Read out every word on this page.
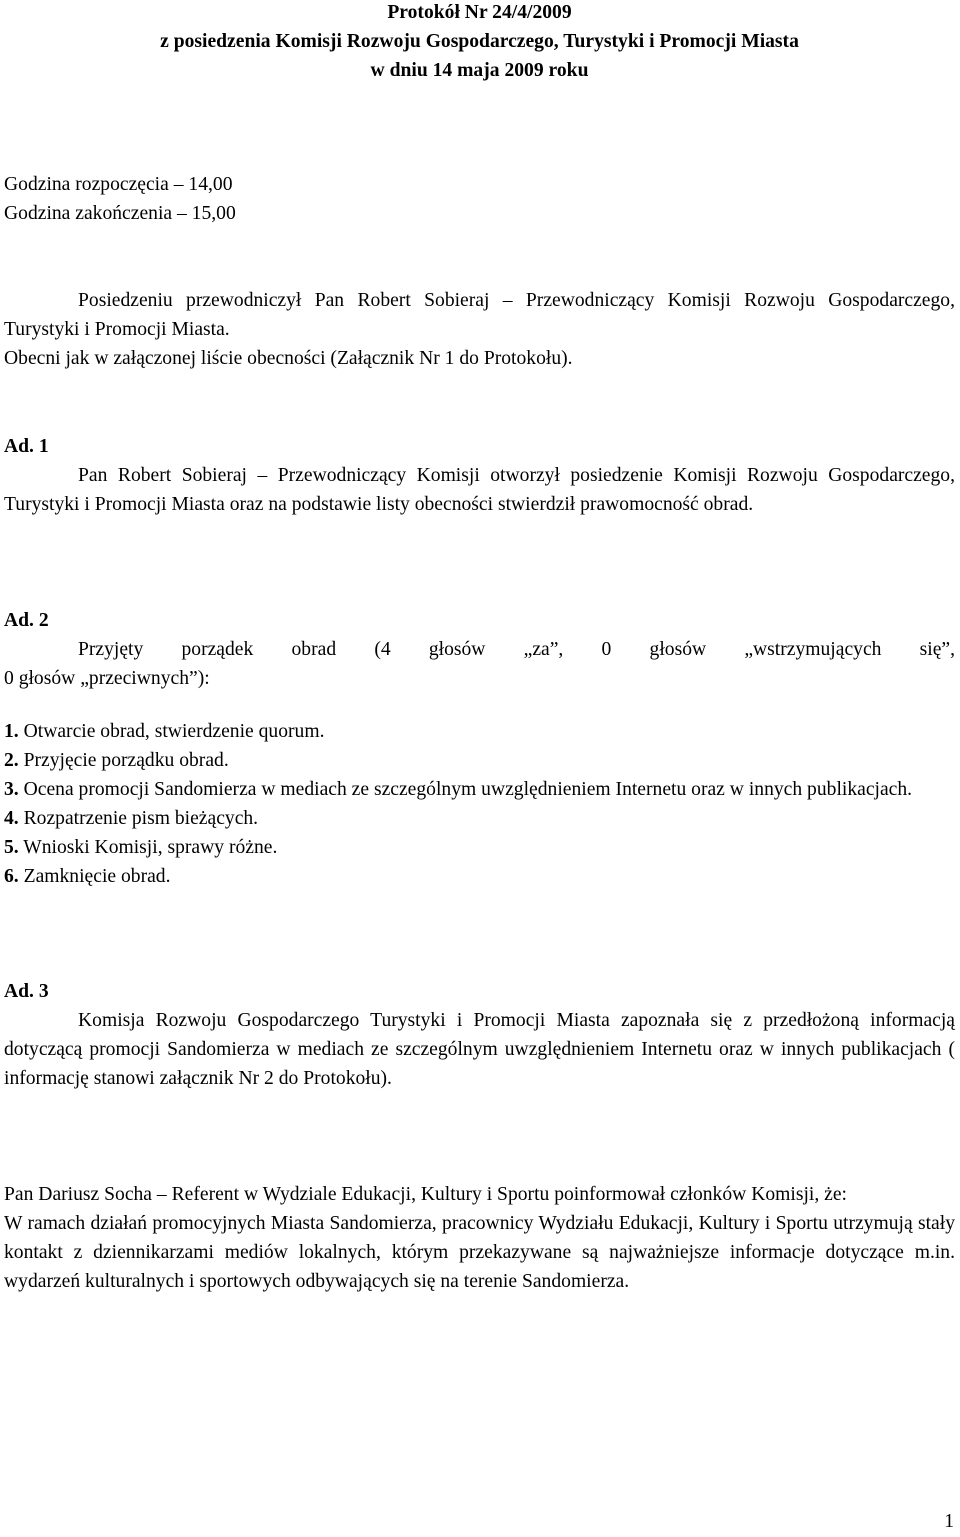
Protokół Nr 24/4/2009
z posiedzenia Komisji Rozwoju Gospodarczego, Turystyki i Promocji Miasta
w dniu 14 maja 2009 roku
Godzina rozpoczęcia – 14,00
Godzina zakończenia – 15,00
Posiedzeniu przewodniczył Pan Robert Sobieraj – Przewodniczący Komisji Rozwoju Gospodarczego, Turystyki i Promocji Miasta.
Obecni jak w załączonej liście obecności (Załącznik Nr 1 do Protokołu).
Ad. 1
Pan Robert Sobieraj – Przewodniczący Komisji otworzył posiedzenie Komisji Rozwoju Gospodarczego, Turystyki i Promocji Miasta oraz na podstawie listy obecności stwierdził prawomocność obrad.
Ad. 2
Przyjęty porządek obrad (4 głosów „za”, 0 głosów „wstrzymujących się”,
0 głosów „przeciwnych”):
1. Otwarcie obrad, stwierdzenie quorum.
2. Przyjęcie porządku obrad.
3. Ocena promocji Sandomierza w mediach ze szczególnym uwzględnieniem Internetu oraz w innych publikacjach.
4. Rozpatrzenie pism bieżących.
5. Wnioski Komisji, sprawy różne.
6. Zamknięcie obrad.
Ad. 3
Komisja Rozwoju Gospodarczego Turystyki i Promocji Miasta zapoznała się z przedłożoną informacją dotyczącą promocji Sandomierza w mediach ze szczególnym uwzględnieniem Internetu oraz w innych publikacjach ( informację stanowi załącznik Nr 2 do Protokołu).
Pan Dariusz Socha – Referent w Wydziale Edukacji, Kultury i Sportu poinformował członków Komisji, że:
W ramach działań promocyjnych Miasta Sandomierza, pracownicy Wydziału Edukacji, Kultury i Sportu utrzymują stały kontakt z dziennikarzami mediów lokalnych, którym przekazywane są najważniejsze informacje dotyczące m.in. wydarzeń kulturalnych i sportowych odbywających się na terenie Sandomierza.
1
